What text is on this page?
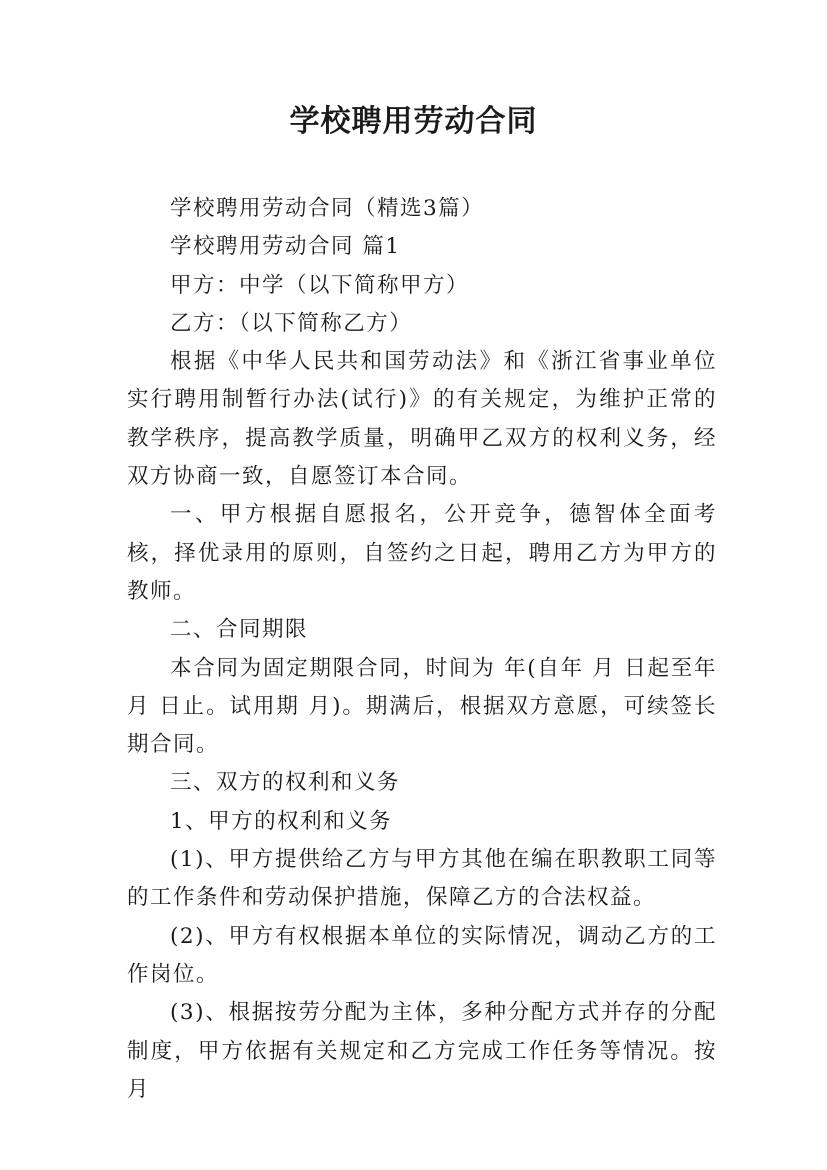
学校聘用劳动合同

学校聘用劳动合同（精选3篇）

学校聘用劳动合同 篇1

甲方：中学（以下简称甲方）

乙方：（以下简称乙方）

根据《中华人民共和国劳动法》和《浙江省事业单位实行聘用制暂行办法(试行)》的有关规定，为维护正常的教学秩序，提高教学质量，明确甲乙双方的权利义务，经双方协商一致，自愿签订本合同。

一、甲方根据自愿报名，公开竞争，德智体全面考核，择优录用的原则，自签约之日起，聘用乙方为甲方的教师。

二、合同期限

本合同为固定期限合同，时间为 年(自年 月 日起至年 月 日止。试用期 月)。期满后，根据双方意愿，可续签长期合同。

三、双方的权利和义务

1、甲方的权利和义务

(1)、甲方提供给乙方与甲方其他在编在职教职工同等的工作条件和劳动保护措施，保障乙方的合法权益。

(2)、甲方有权根据本单位的实际情况，调动乙方的工作岗位。

(3)、根据按劳分配为主体，多种分配方式并存的分配制度，甲方依据有关规定和乙方完成工作任务等情况。按月
